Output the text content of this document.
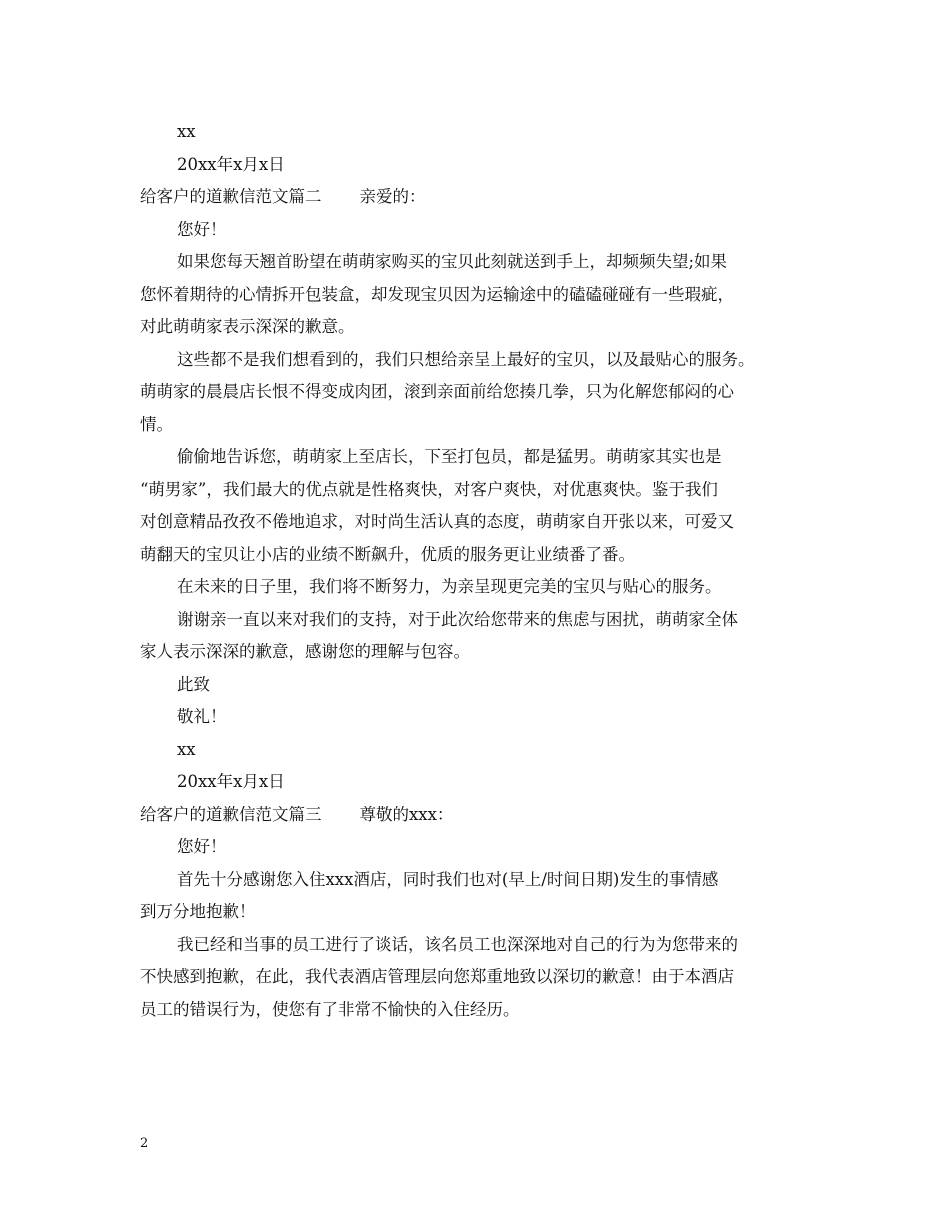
xx
20xx年x月x日
给客户的道歉信范文篇二 亲爱的：
您好！
如果您每天翘首盼望在萌萌家购买的宝贝此刻就送到手上，却频频失望;如果
您怀着期待的心情拆开包装盒，却发现宝贝因为运输途中的磕磕碰碰有一些瑕疵，
对此萌萌家表示深深的歉意。
这些都不是我们想看到的，我们只想给亲呈上最好的宝贝，以及最贴心的服务。
萌萌家的晨晨店长恨不得变成肉团，滚到亲面前给您揍几拳，只为化解您郁闷的心
情。
偷偷地告诉您，萌萌家上至店长，下至打包员，都是猛男。萌萌家其实也是
“萌男家”，我们最大的优点就是性格爽快，对客户爽快，对优惠爽快。鉴于我们
对创意精品孜孜不倦地追求，对时尚生活认真的态度，萌萌家自开张以来，可爱又
萌翻天的宝贝让小店的业绩不断飙升，优质的服务更让业绩番了番。
在未来的日子里，我们将不断努力，为亲呈现更完美的宝贝与贴心的服务。
谢谢亲一直以来对我们的支持，对于此次给您带来的焦虑与困扰，萌萌家全体
家人表示深深的歉意，感谢您的理解与包容。
此致
敬礼！
xx
20xx年x月x日
给客户的道歉信范文篇三 尊敬的xxx：
您好！
首先十分感谢您入住xxx酒店，同时我们也对(早上/时间日期)发生的事情感
到万分地抱歉！
我已经和当事的员工进行了谈话，该名员工也深深地对自己的行为为您带来的
不快感到抱歉，在此，我代表酒店管理层向您郑重地致以深切的歉意！由于本酒店
员工的错误行为，使您有了非常不愉快的入住经历。
2
